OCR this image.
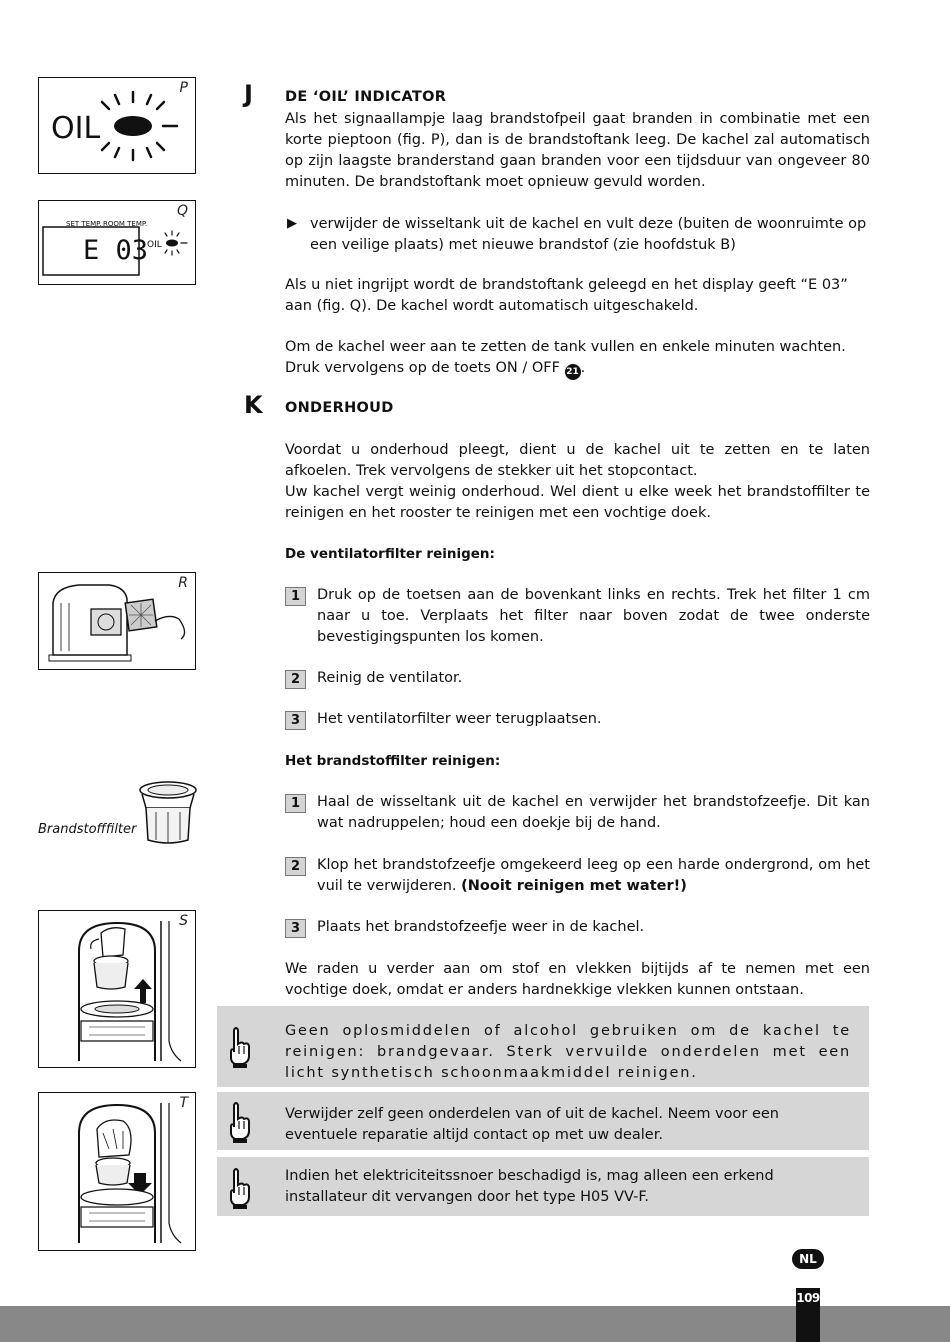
P
OIL
Q
SET TEMP. ROOM TEMP.
E 03
OIL
R
Brandstofffilter
S
T
J DE ‘OIL’ INDICATOR
Als het signaallampje laag brandstofpeil gaat branden in combinatie met een korte pieptoon (fig. P), dan is de brandstoftank leeg. De kachel zal automatisch op zijn laagste branderstand gaan branden voor een tijdsduur van ongeveer 80 minuten. De brandstoftank moet opnieuw gevuld worden.
▶ verwijder de wisseltank uit de kachel en vult deze (buiten de woonruimte op een veilige plaats) met nieuwe brandstof (zie hoofdstuk B)
Als u niet ingrijpt wordt de brandstoftank geleegd en het display geeft “E 03” aan (fig. Q). De kachel wordt automatisch uitgeschakeld.
Om de kachel weer aan te zetten de tank vullen en enkele minuten wachten.
Druk vervolgens op de toets ON / OFF 21 .
K ONDERHOUD
Voordat u onderhoud pleegt, dient u de kachel uit te zetten en te laten afkoelen. Trek vervolgens de stekker uit het stopcontact.
Uw kachel vergt weinig onderhoud. Wel dient u elke week het brandstoffilter te reinigen en het rooster te reinigen met een vochtige doek.
De ventilatorfilter reinigen:
1	Druk op de toetsen aan de bovenkant links en rechts. Trek het filter 1 cm naar u toe. Verplaats het filter naar boven zodat de twee onderste bevestigingspunten los komen.
2	Reinig de ventilator.
3	Het ventilatorfilter weer terugplaatsen.
Het brandstoffilter reinigen:
1	Haal de wisseltank uit de kachel en verwijder het brandstofzeefje. Dit kan wat nadruppelen; houd een doekje bij de hand.
2	Klop het brandstofzeefje omgekeerd leeg op een harde ondergrond, om het vuil te verwijderen. (Nooit reinigen met water!)
3	Plaats het brandstofzeefje weer in de kachel.
We raden u verder aan om stof en vlekken bijtijds af te nemen met een vochtige doek, omdat er anders hardnekkige vlekken kunnen ontstaan.
Geen oplosmiddelen of alcohol gebruiken om de kachel te reinigen: brandgevaar. Sterk vervuilde onderdelen met een licht synthetisch schoonmaakmiddel reinigen.
Verwijder zelf geen onderdelen van of uit de kachel. Neem voor een eventuele reparatie altijd contact op met uw dealer.
Indien het elektriciteitssnoer beschadigd is, mag alleen een erkend installateur dit vervangen door het type H05 VV-F.
NL
109
